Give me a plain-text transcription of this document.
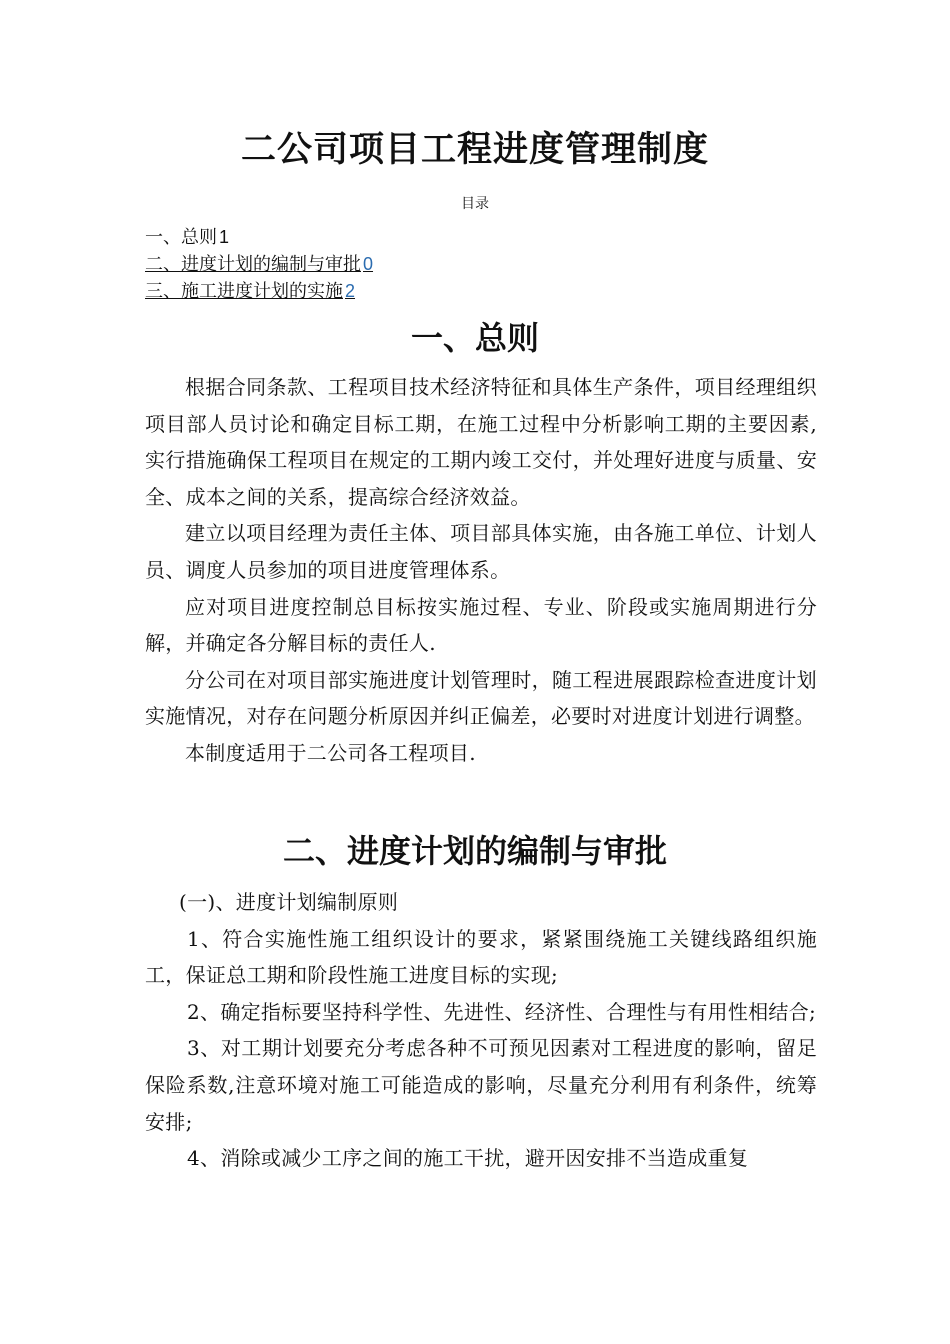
二公司项目工程进度管理制度
目录
一、总则 1
二、进度计划的编制与审批 0
三、施工进度计划的实施 2
一、总则

根据合同条款、工程项目技术经济特征和具体生产条件，项目经理组织项目部人员讨论和确定目标工期，在施工过程中分析影响工期的主要因素,实行措施确保工程项目在规定的工期内竣工交付，并处理好进度与质量、安全、成本之间的关系，提高综合经济效益。

建立以项目经理为责任主体、项目部具体实施，由各施工单位、计划人员、调度人员参加的项目进度管理体系。

应对项目进度控制总目标按实施过程、专业、阶段或实施周期进行分解，并确定各分解目标的责任人.

分公司在对项目部实施进度计划管理时，随工程进展跟踪检查进度计划实施情况，对存在问题分析原因并纠正偏差，必要时对进度计划进行调整。

本制度适用于二公司各工程项目.

二、进度计划的编制与审批

(一)、进度计划编制原则

1、符合实施性施工组织设计的要求，紧紧围绕施工关键线路组织施工，保证总工期和阶段性施工进度目标的实现;

2、确定指标要坚持科学性、先进性、经济性、合理性与有用性相结合;

3、对工期计划要充分考虑各种不可预见因素对工程进度的影响，留足保险系数,注意环境对施工可能造成的影响，尽量充分利用有利条件，统筹安排;

4、消除或减少工序之间的施工干扰，避开因安排不当造成重复
